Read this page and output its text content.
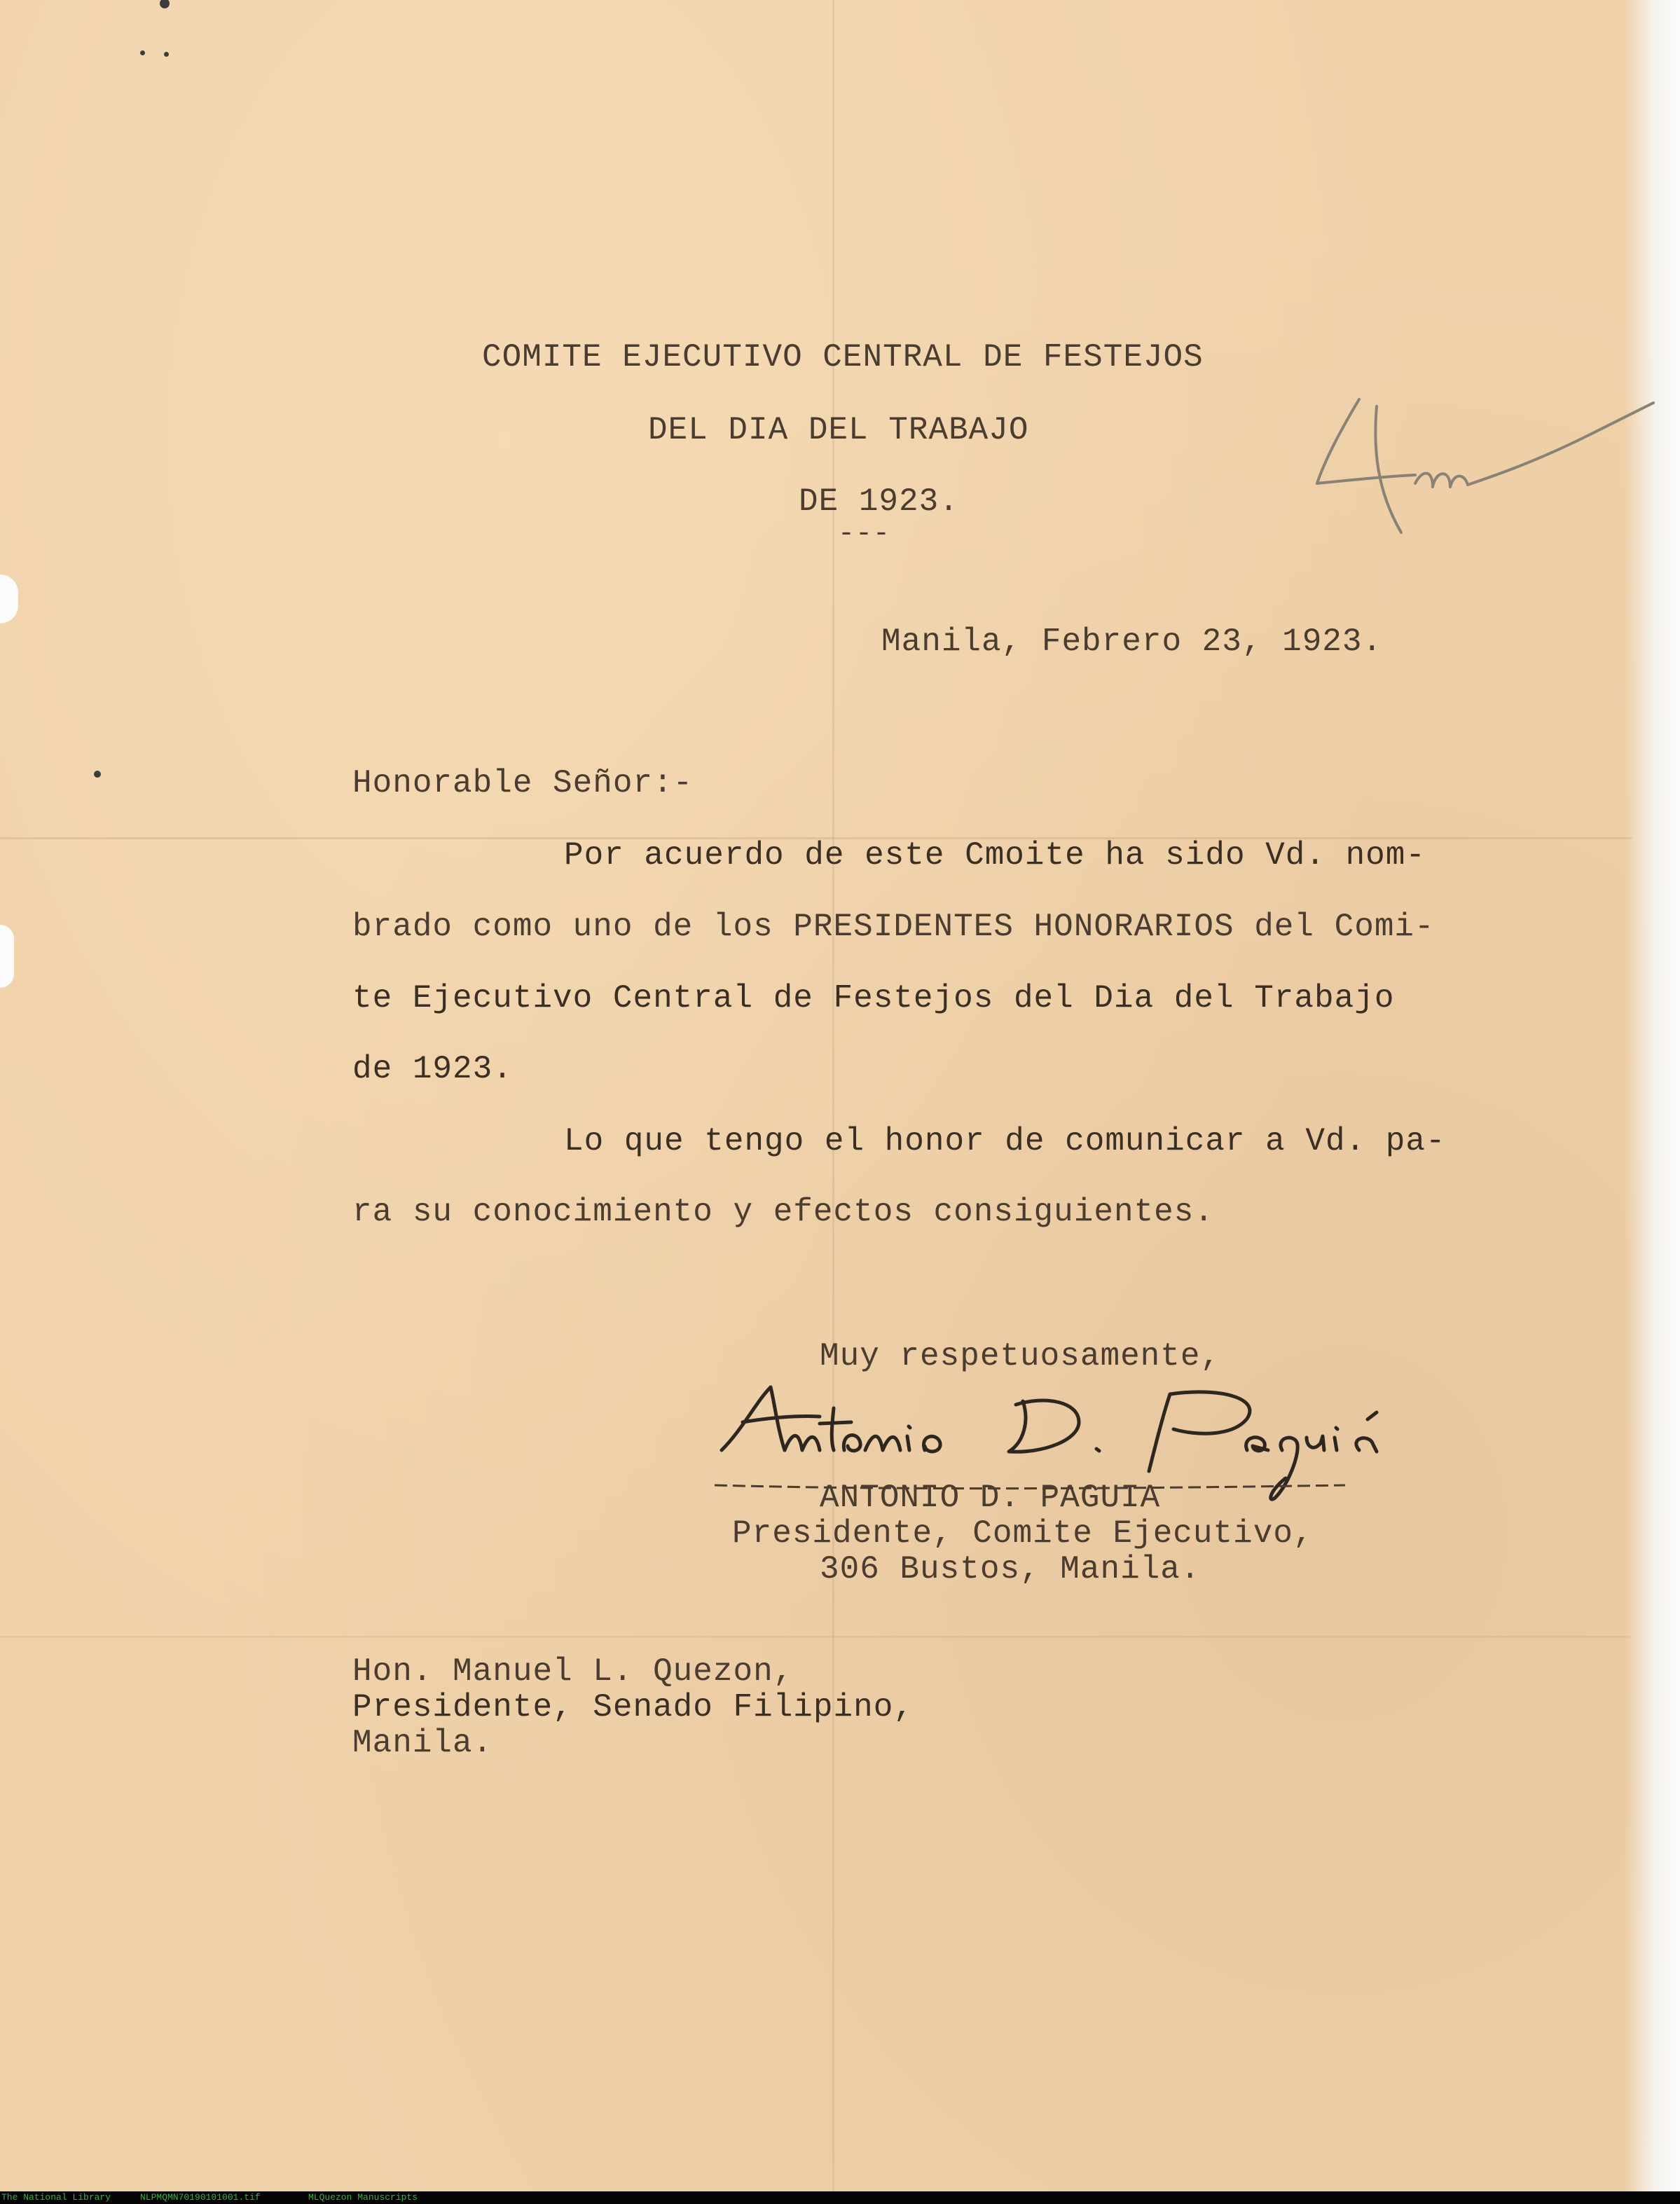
COMITE EJECUTIVO CENTRAL DE FESTEJOS

DEL DIA DEL TRABAJO

DE 1923.

---

Manila, Febrero 23, 1923.

Honorable Señor:-

Por acuerdo de este Cmoite ha sido Vd. nom-

brado como uno de los PRESIDENTES HONORARIOS del Comi-

te Ejecutivo Central de Festejos del Dia del Trabajo

de 1923.

Lo que tengo el honor de comunicar a Vd. pa-

ra su conocimiento y efectos consiguientes.

Muy respetuosamente,

ANTONIO D. PAGUIA

Presidente, Comite Ejecutivo,

306 Bustos, Manila.

Hon. Manuel L. Quezon,

Presidente, Senado Filipino,

Manila.

The National Library

	NLPMQMN70190101001.tif

	MLQuezon Manuscripts
